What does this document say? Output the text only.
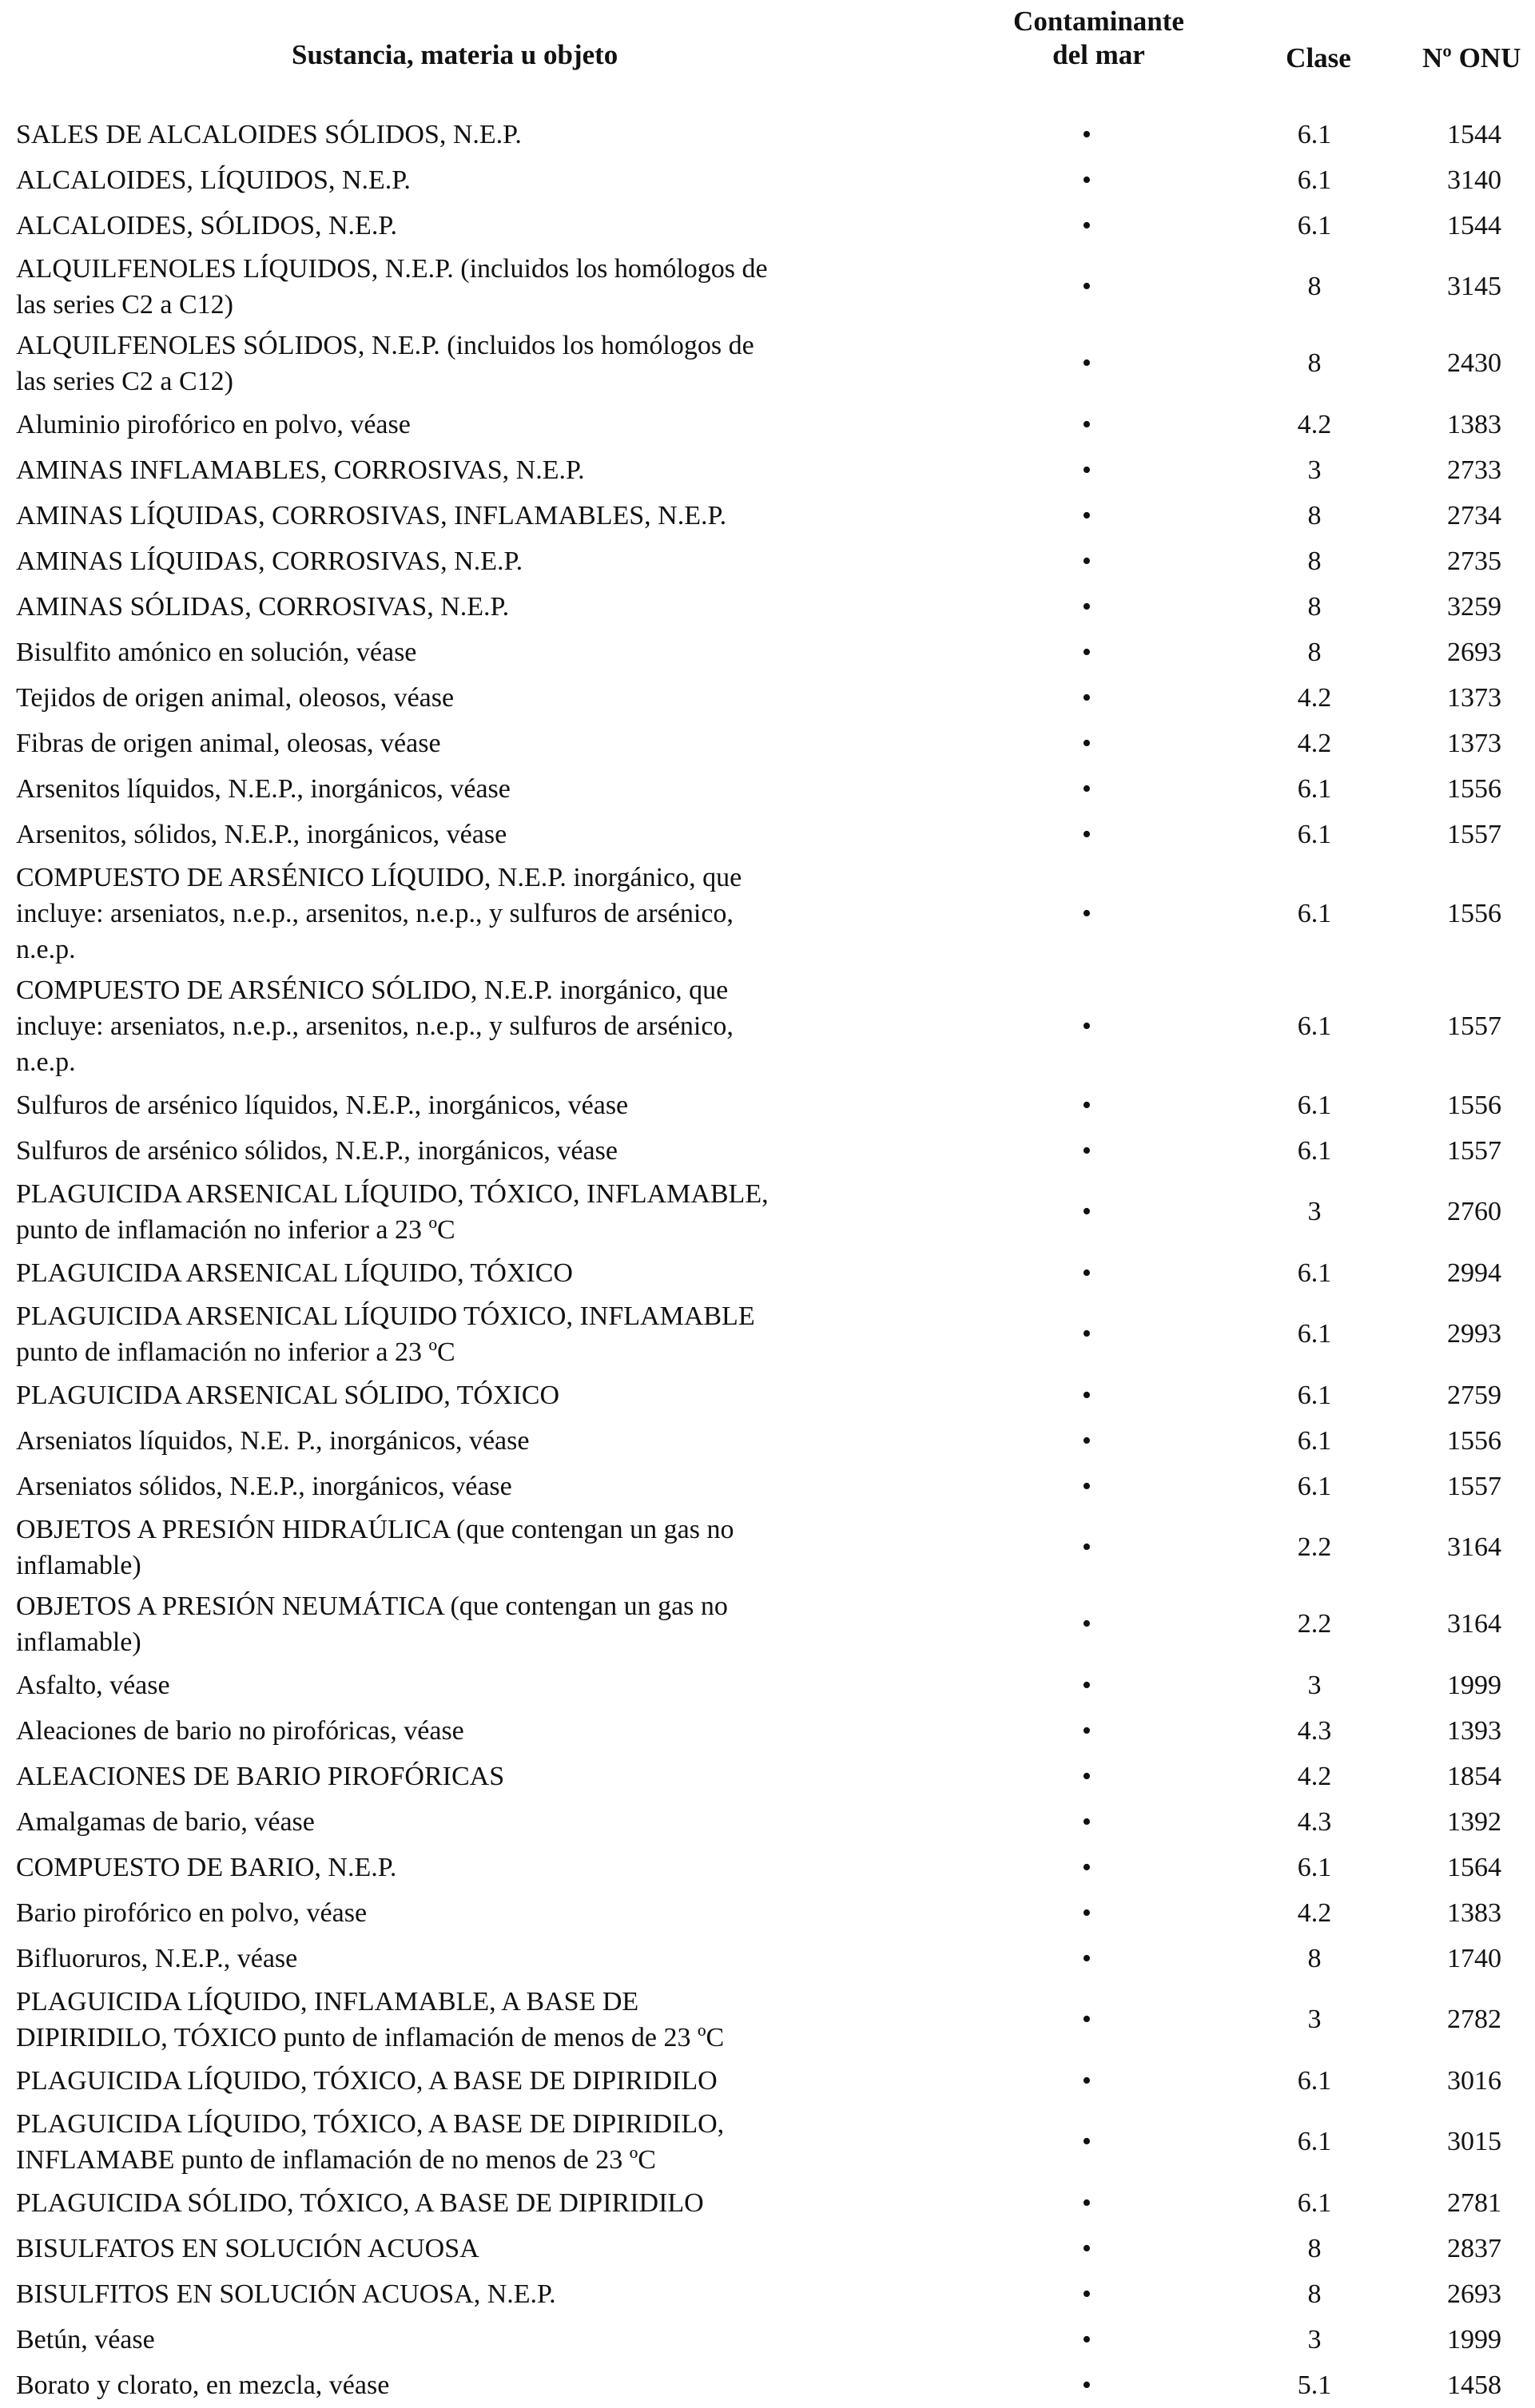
Sustancia, materia u objeto
Contaminante
del mar	Clase	Nº ONU
SALES DE ALCALOIDES SÓLIDOS, N.E.P.	•	6.1	1544
ALCALOIDES, LÍQUIDOS, N.E.P.	•	6.1	3140
ALCALOIDES, SÓLIDOS, N.E.P.	•	6.1	1544
ALQUILFENOLES LÍQUIDOS, N.E.P. (incluidos los homólogos de
las series C2 a C12)
•	8	3145
ALQUILFENOLES SÓLIDOS, N.E.P. (incluidos los homólogos de
las series C2 a C12)
•	8	2430
Aluminio pirofórico en polvo, véase	•	4.2	1383
AMINAS INFLAMABLES, CORROSIVAS, N.E.P.	•	3	2733
AMINAS LÍQUIDAS, CORROSIVAS, INFLAMABLES, N.E.P.	•	8	2734
AMINAS LÍQUIDAS, CORROSIVAS, N.E.P.	•	8	2735
AMINAS SÓLIDAS, CORROSIVAS, N.E.P.	•	8	3259
Bisulfito amónico en solución, véase	•	8	2693
Tejidos de origen animal, oleosos, véase	•	4.2	1373
Fibras de origen animal, oleosas, véase	•	4.2	1373
Arsenitos líquidos, N.E.P., inorgánicos, véase	•	6.1	1556
Arsenitos, sólidos, N.E.P., inorgánicos, véase	•	6.1	1557
COMPUESTO DE ARSÉNICO LÍQUIDO, N.E.P. inorgánico, que
incluye: arseniatos, n.e.p., arsenitos, n.e.p., y sulfuros de arsénico,
n.e.p.
•	6.1	1556
COMPUESTO DE ARSÉNICO SÓLIDO, N.E.P. inorgánico, que
incluye: arseniatos, n.e.p., arsenitos, n.e.p., y sulfuros de arsénico,
n.e.p.
•	6.1	1557
Sulfuros de arsénico líquidos, N.E.P., inorgánicos, véase	•	6.1	1556
Sulfuros de arsénico sólidos, N.E.P., inorgánicos, véase	•	6.1	1557
PLAGUICIDA ARSENICAL LÍQUIDO, TÓXICO, INFLAMABLE,
punto de inflamación no inferior a 23 ºC
•	3	2760
PLAGUICIDA ARSENICAL LÍQUIDO, TÓXICO	•	6.1	2994
PLAGUICIDA ARSENICAL LÍQUIDO TÓXICO, INFLAMABLE
punto de inflamación no inferior a 23 ºC
•	6.1	2993
PLAGUICIDA ARSENICAL SÓLIDO, TÓXICO	•	6.1	2759
Arseniatos líquidos, N.E. P., inorgánicos, véase	•	6.1	1556
Arseniatos sólidos, N.E.P., inorgánicos, véase	•	6.1	1557
OBJETOS A PRESIÓN HIDRAÚLICA (que contengan un gas no
inflamable)
•	2.2	3164
OBJETOS A PRESIÓN NEUMÁTICA (que contengan un gas no
inflamable)
•	2.2	3164
Asfalto, véase	•	3	1999
Aleaciones de bario no pirofóricas, véase	•	4.3	1393
ALEACIONES DE BARIO PIROFÓRICAS	•	4.2	1854
Amalgamas de bario, véase	•	4.3	1392
COMPUESTO DE BARIO, N.E.P.	•	6.1	1564
Bario pirofórico en polvo, véase	•	4.2	1383
Bifluoruros, N.E.P., véase	•	8	1740
PLAGUICIDA LÍQUIDO, INFLAMABLE, A BASE DE
DIPIRIDILO, TÓXICO punto de inflamación de menos de 23 ºC
•	3	2782
PLAGUICIDA LÍQUIDO, TÓXICO, A BASE DE DIPIRIDILO	•	6.1	3016
PLAGUICIDA LÍQUIDO, TÓXICO, A BASE DE DIPIRIDILO,
INFLAMABE punto de inflamación de no menos de 23 ºC
•	6.1	3015
PLAGUICIDA SÓLIDO, TÓXICO, A BASE DE DIPIRIDILO	•	6.1	2781
BISULFATOS EN SOLUCIÓN ACUOSA	•	8	2837
BISULFITOS EN SOLUCIÓN ACUOSA, N.E.P.	•	8	2693
Betún, véase	•	3	1999
Borato y clorato, en mezcla, véase	•	5.1	1458
